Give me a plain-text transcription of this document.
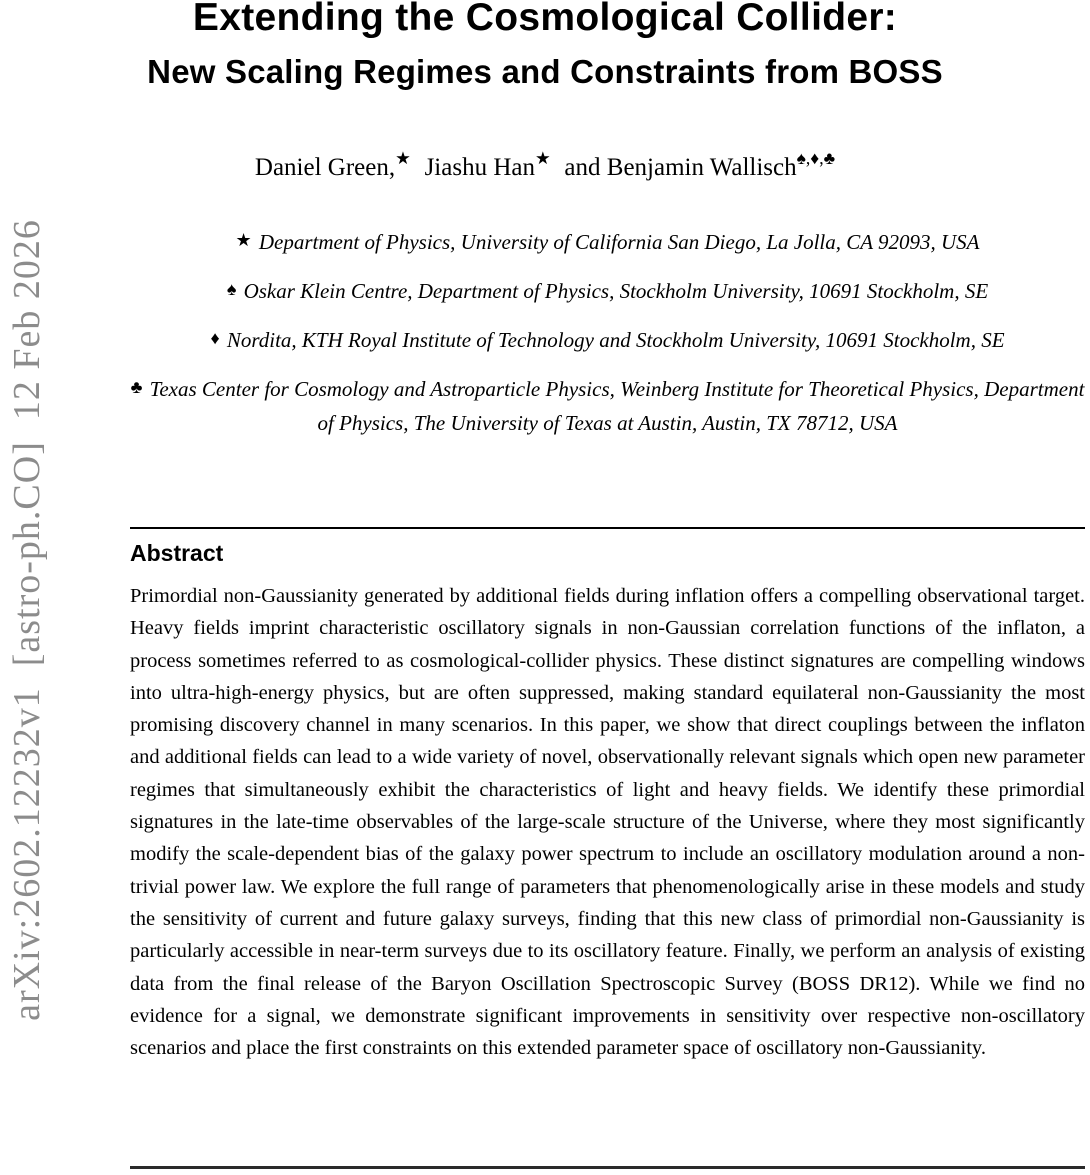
arXiv:2602.12232v1  [astro-ph.CO]  12 Feb 2026
Extending the Cosmological Collider:
New Scaling Regimes and Constraints from BOSS
Daniel Green,★ Jiashu Han★ and Benjamin Wallisch♠,♦,♣
★ Department of Physics, University of California San Diego, La Jolla, CA 92093, USA
♠ Oskar Klein Centre, Department of Physics, Stockholm University, 10691 Stockholm, SE
♦ Nordita, KTH Royal Institute of Technology and Stockholm University, 10691 Stockholm, SE
♣ Texas Center for Cosmology and Astroparticle Physics, Weinberg Institute for Theoretical Physics, Department of Physics, The University of Texas at Austin, Austin, TX 78712, USA
Abstract

Primordial non-Gaussianity generated by additional fields during inflation offers a compelling observational target. Heavy fields imprint characteristic oscillatory signals in non-Gaussian correlation functions of the inflaton, a process sometimes referred to as cosmological-collider physics. These distinct signatures are compelling windows into ultra-high-energy physics, but are often suppressed, making standard equilateral non-Gaussianity the most promising discovery channel in many scenarios. In this paper, we show that direct couplings between the inflaton and additional fields can lead to a wide variety of novel, observationally relevant signals which open new parameter regimes that simultaneously exhibit the characteristics of light and heavy fields. We identify these primordial signatures in the late-time observables of the large-scale structure of the Universe, where they most significantly modify the scale-dependent bias of the galaxy power spectrum to include an oscillatory modulation around a non-trivial power law. We explore the full range of parameters that phenomenologically arise in these models and study the sensitivity of current and future galaxy surveys, finding that this new class of primordial non-Gaussianity is particularly accessible in near-term surveys due to its oscillatory feature. Finally, we perform an analysis of existing data from the final release of the Baryon Oscillation Spectroscopic Survey (BOSS DR12). While we find no evidence for a signal, we demonstrate significant improvements in sensitivity over respective non-oscillatory scenarios and place the first constraints on this extended parameter space of oscillatory non-Gaussianity.
